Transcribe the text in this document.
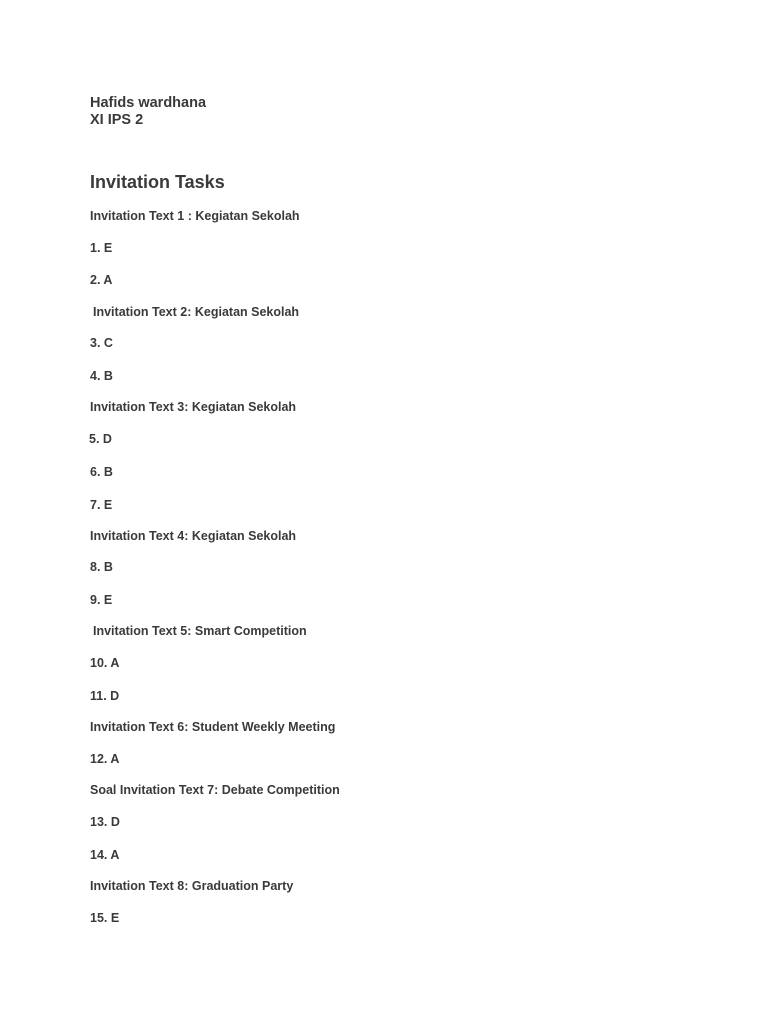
Hafids wardhana
XI IPS 2
Invitation Tasks
Invitation Text 1 : Kegiatan Sekolah
1. E
2. A
Invitation Text 2: Kegiatan Sekolah
3. C
4. B
Invitation Text 3: Kegiatan Sekolah
5. D
6. B
7. E
Invitation Text 4: Kegiatan Sekolah
8. B
9. E
Invitation Text 5: Smart Competition
10. A
11. D
Invitation Text 6: Student Weekly Meeting
12. A
Soal Invitation Text 7: Debate Competition
13. D
14. A
Invitation Text 8: Graduation Party
15. E
